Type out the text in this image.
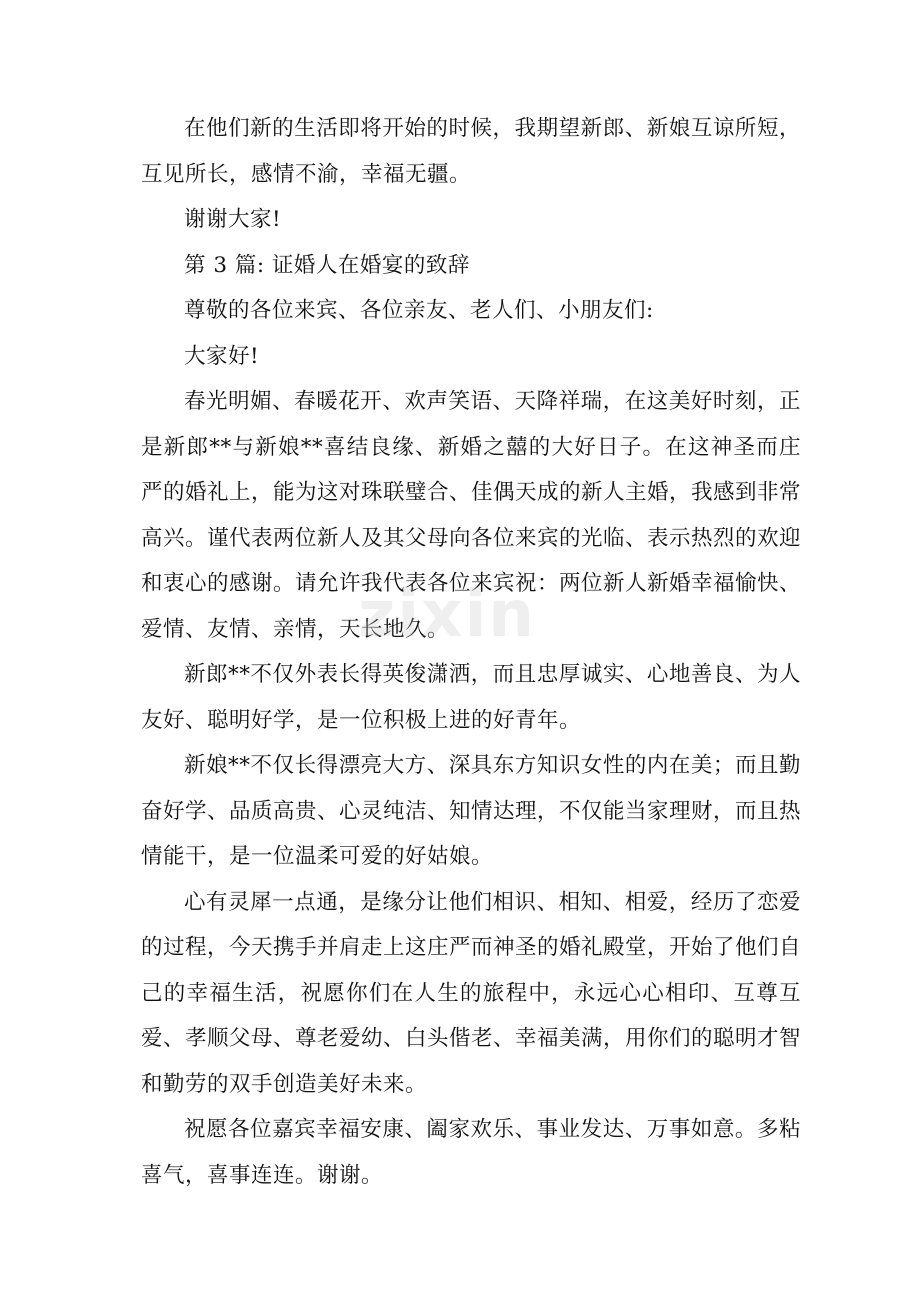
在他们新的生活即将开始的时候，我期望新郎、新娘互谅所短，互见所长，感情不渝，幸福无疆。

谢谢大家!

第 3 篇: 证婚人在婚宴的致辞

尊敬的各位来宾、各位亲友、老人们、小朋友们:

大家好!

春光明媚、春暖花开、欢声笑语、天降祥瑞，在这美好时刻，正是新郎**与新娘**喜结良缘、新婚之囍的大好日子。在这神圣而庄严的婚礼上，能为这对珠联璧合、佳偶天成的新人主婚，我感到非常高兴。谨代表两位新人及其父母向各位来宾的光临、表示热烈的欢迎和衷心的感谢。请允许我代表各位来宾祝：两位新人新婚幸福愉快、爱情、友情、亲情，天长地久。

新郎**不仅外表长得英俊潇洒，而且忠厚诚实、心地善良、为人友好、聪明好学，是一位积极上进的好青年。

新娘**不仅长得漂亮大方、深具东方知识女性的内在美；而且勤奋好学、品质高贵、心灵纯洁、知情达理，不仅能当家理财，而且热情能干，是一位温柔可爱的好姑娘。

心有灵犀一点通，是缘分让他们相识、相知、相爱，经历了恋爱的过程，今天携手并肩走上这庄严而神圣的婚礼殿堂，开始了他们自己的幸福生活，祝愿你们在人生的旅程中，永远心心相印、互尊互爱、孝顺父母、尊老爱幼、白头偕老、幸福美满，用你们的聪明才智和勤劳的双手创造美好未来。

祝愿各位嘉宾幸福安康、阖家欢乐、事业发达、万事如意。多粘喜气，喜事连连。谢谢。

zixin
